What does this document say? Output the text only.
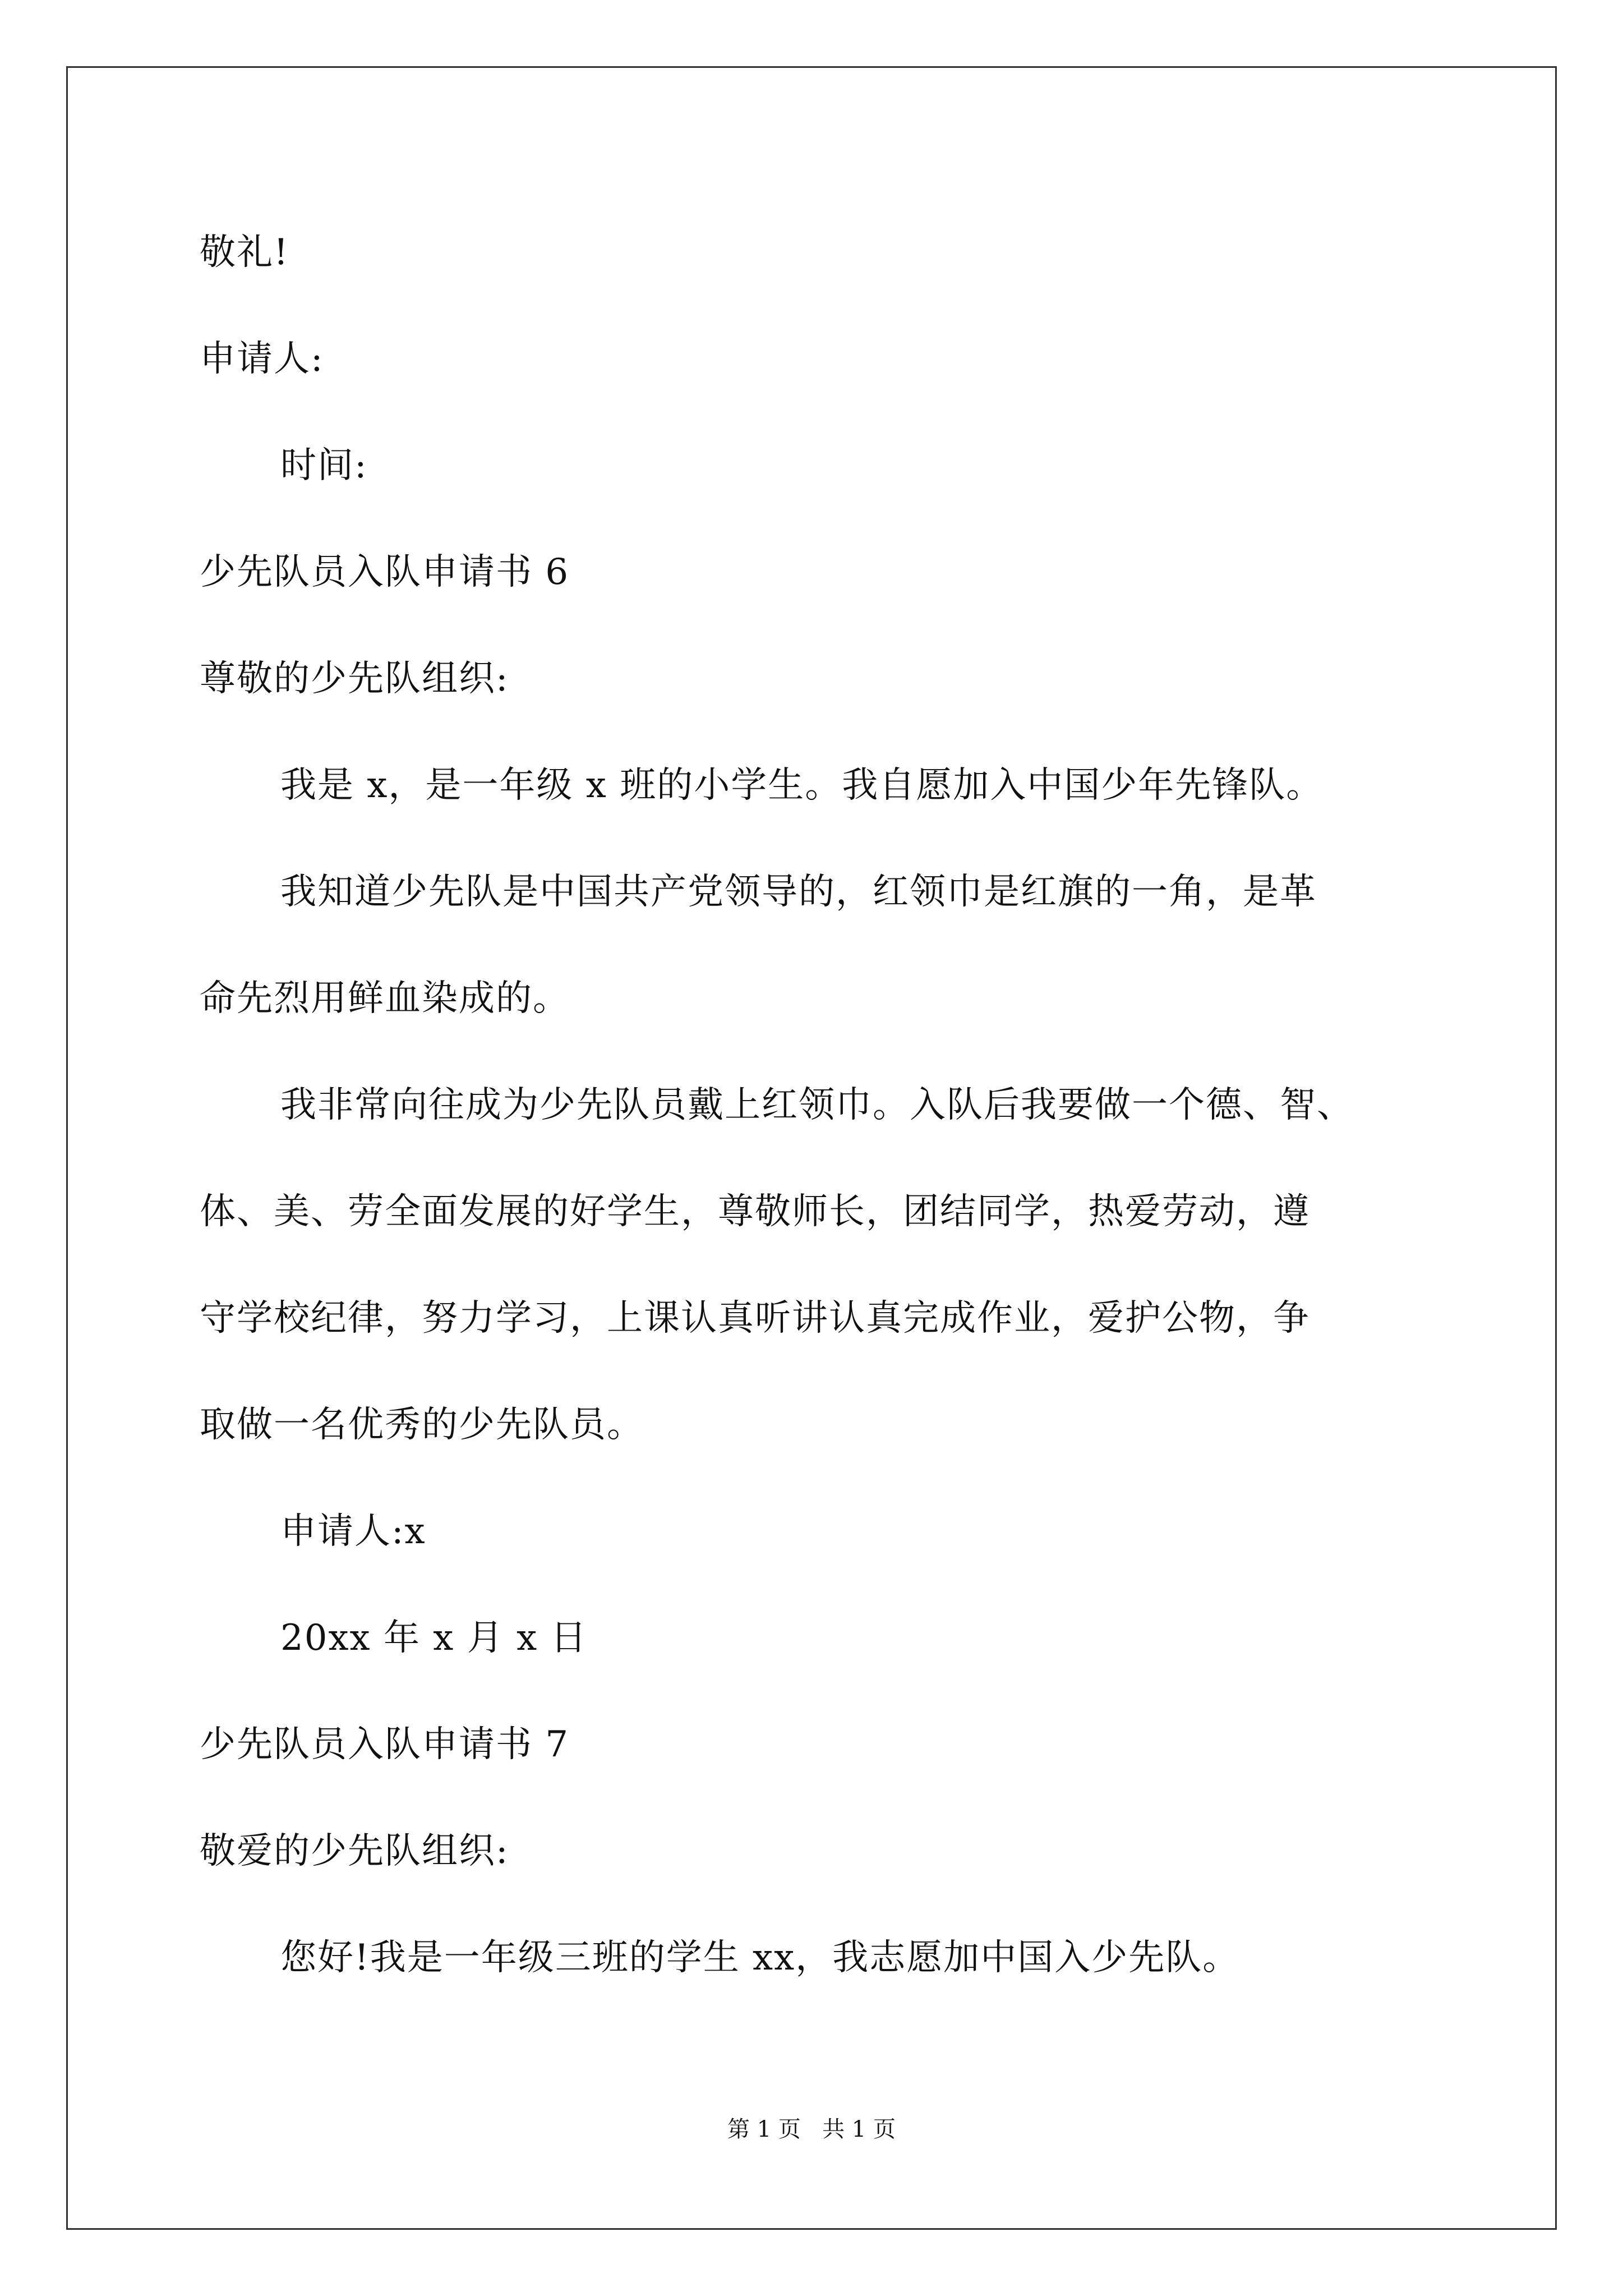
敬礼!
申请人:
时间:
少先队员入队申请书 6
尊敬的少先队组织:
我是 x，是一年级 x 班的小学生。我自愿加入中国少年先锋队。
我知道少先队是中国共产党领导的，红领巾是红旗的一角，是革
命先烈用鲜血染成的。
我非常向往成为少先队员戴上红领巾。入队后我要做一个德、智、
体、美、劳全面发展的好学生，尊敬师长，团结同学，热爱劳动，遵
守学校纪律，努力学习，上课认真听讲认真完成作业，爱护公物，争
取做一名优秀的少先队员。
申请人:x
20xx 年 x 月 x 日
少先队员入队申请书 7
敬爱的少先队组织:
您好!我是一年级三班的学生 xx，我志愿加中国入少先队。
第 1 页   共 1 页
